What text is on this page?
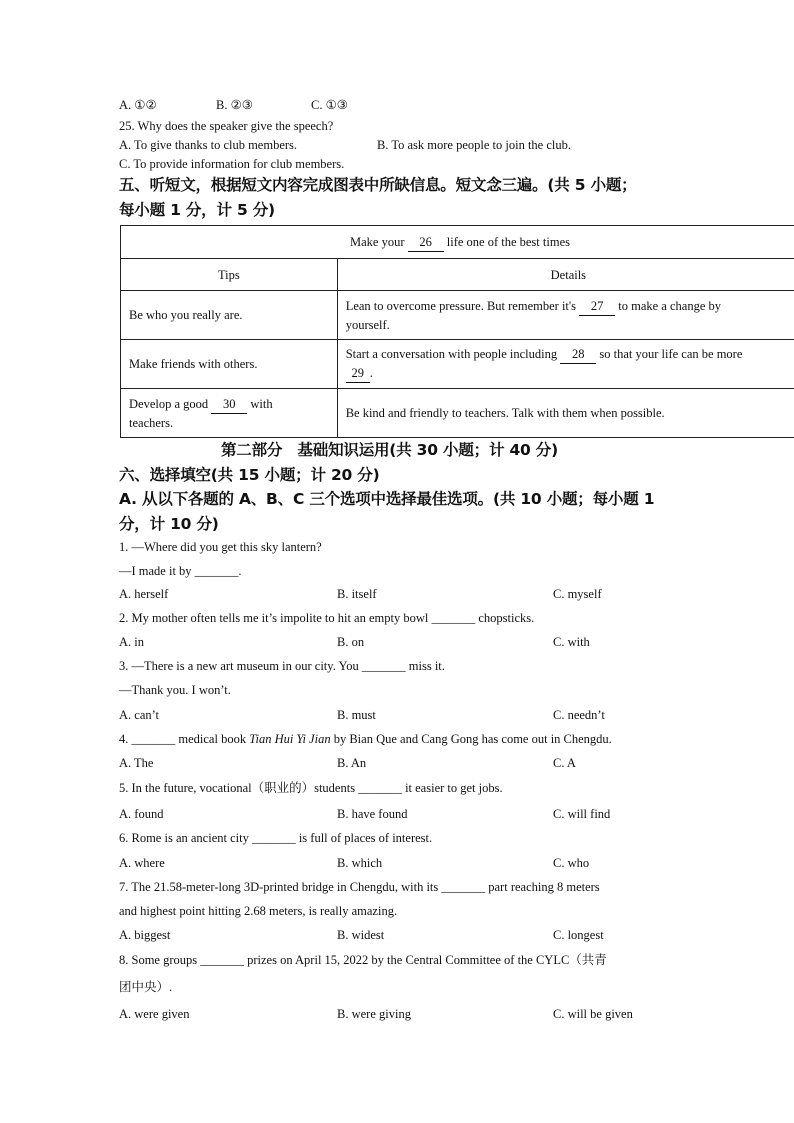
A. ①②	B. ②③	C. ①③
25. Why does the speaker give the speech?
A. To give thanks to club members.	B. To ask more people to join the club.
C. To provide information for club members.
五、听短文，根据短文内容完成图表中所缺信息。短文念三遍。(共 5 小题；
每小题 1 分，计 5 分)
Make your 26 life one of the best times	
Tips	Details
Be who you really are.	Lean to overcome pressure. But remember it's 27 to make a change by
yourself.
Make friends with others.	Start a conversation with people including 28 so that your life can be more
29 .
Develop a good 30 with
teachers.	Be kind and friendly to teachers. Talk with them when possible.
第二部分　基础知识运用(共 30 小题；计 40 分)
六、选择填空(共 15 小题；计 20 分)
A. 从以下各题的 A、B、C 三个选项中选择最佳选项。(共 10 小题；每小题 1
分，计 10 分)
1. —Where did you get this sky lantern?
—I made it by _______.
A. herself	B. itself	C. myself
2. My mother often tells me it’s impolite to hit an empty bowl _______ chopsticks.
A. in	B. on	C. with
3. —There is a new art museum in our city. You _______ miss it.
—Thank you. I won’t.
A. can’t	B. must	C. needn’t
4. _______ medical book Tian Hui Yi Jian by Bian Que and Cang Gong has come out in Chengdu.
A. The	B. An	C. A
5. In the future, vocational（职业的）students _______ it easier to get jobs.
A. found	B. have found	C. will find
6. Rome is an ancient city _______ is full of places of interest.
A. where	B. which	C. who
7. The 21.58-meter-long 3D-printed bridge in Chengdu, with its _______ part reaching 8 meters
and highest point hitting 2.68 meters, is really amazing.
A. biggest	B. widest	C. longest
8. Some groups _______ prizes on April 15, 2022 by the Central Committee of the CYLC（共青
团中央）.
A. were given	B. were giving	C. will be given
